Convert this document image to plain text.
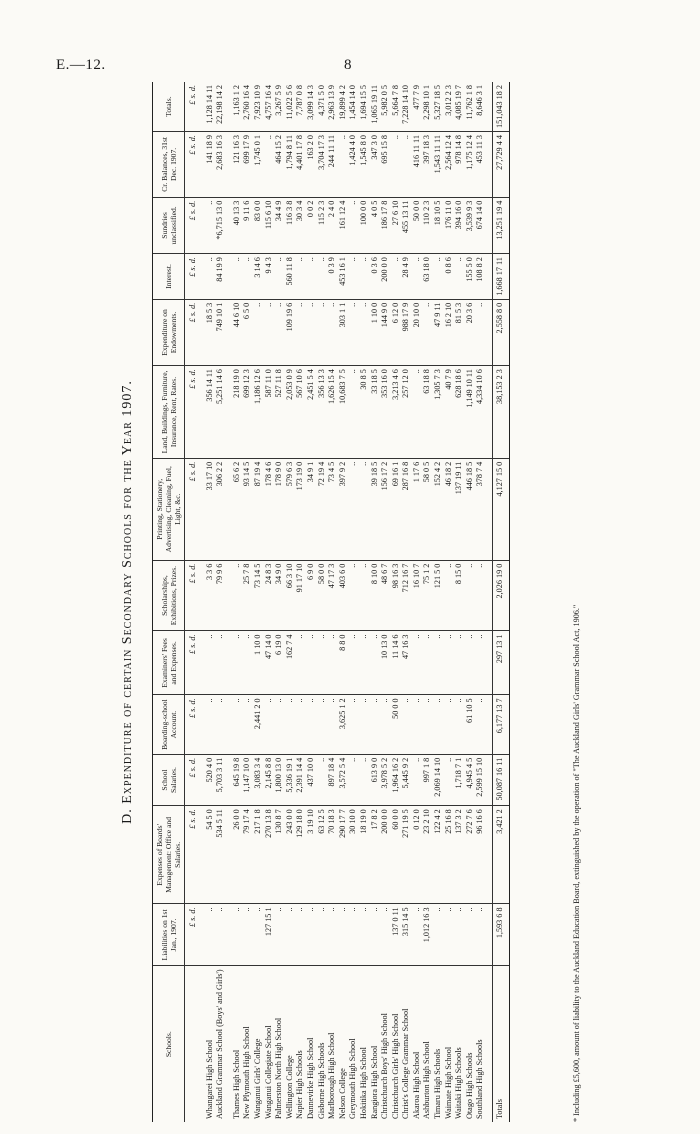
E.—12.	8
D. Expenditure of certain Secondary Schools for the Year 1907.
Schools.	Liabilities on 1st Jan., 1907.	Expenses of Boards' Management: Office and Salaries.	School Salaries.	Boarding-school Account.	Examiners' Fees and Expenses.	Scholarships, Exhibitions, Prizes.	Printing, Stationery, Advertising, Cleaning, Fuel, Light, &c.	Land, Buildings, Furniture, Insurance, Rent, Rates.	Expenditure on Endowments.	Interest.	Sundries unclassified.	Cr. Balances, 31st Dec. 1907.	Totals.
	£ s. d.	£ s. d.	£ s. d.	£ s. d.	£ s. d.	£ s. d.	£ s. d.	£ s. d.	£ s. d.	£ s. d.	£ s. d.	£ s. d.	£ s. d.

Whangarei High School	..	54 5 0	520 4 0	..	..	3 3 6	33 17 10	356 14 11	18 5 3	..	..	141 18 9	1,128 14 11
Auckland Grammar School (Boys' and Girls')	..	534 5 11	5,703 3 11	..	..	79 9 6	306 2 2	5,251 14 6	749 10 1	84 19 9	*6,715 13 0	2,683 16 3	22,198 14 2

Thames High School	..	26 0 0	645 19 8	..	..	..	65 6 2	218 19 0	44 6 10	..	40 13 3	121 16 3	1,163 1 2
New Plymouth High School	..	79 17 4	1,147 10 0	..	..	25 7 8	93 14 5	699 12 3	6 5 0	..	9 11 6	699 17 9	2,760 16 4
Wanganui Girls' College	..	217 1 8	3,083 3 4	2,441 2 0	1 10 0	73 14 5	87 19 4	1,186 12 6	..	3 14 6	83 0 0	1,745 0 1	7,923 10 9
Wanganui Collegiate School	127 15 1	270 13 8	2,145 8 8	..	47 14 0	24 8 3	178 4 6	587 11 0	..	9 4 3	115 6 10	..	4,757 16 4
Palmerston North High School	..	130 8 7	1,800 13 0	..	6 19 0	34 9 0	178 9 0	527 11 8	..	..	34 4 9	464 15 2	3,267 5 9
Wellington College	..	243 0 0	5,336 19 1	..	162 7 4	66 3 10	579 6 3	2,053 0 9	109 19 6	560 11 8	116 3 8	1,794 8 11	11,022 5 6
Napier High Schools	..	129 18 0	2,391 14 4	..	..	91 17 10	173 19 0	567 10 6	..	..	30 3 4	4,401 17 8	7,787 0 8
Dannevirke High School	..	3 19 10	437 10 0	..	..	6 9 0	34 9 1	2,451 5 4	..	..	0 0 2	163 2 0	3,099 14 3
Gisborne High Schools	..	63 12 5	..	..	..	58 0 0	72 19 4	356 13 3	..	..	115 2 3	3,704 17 3	4,371 5 0
Marlborough High School	..	70 18 3	897 18 4	..	..	47 17 3	73 4 5	1,626 15 4	..	0 3 9	2 4 0	244 11 11	2,963 13 9
Nelson College	..	290 17 7	3,572 5 4	3,625 1 2	8 8 0	403 6 0	397 9 2	10,683 7 5	303 1 1	453 16 1	161 12 4	..	19,899 4 2
Greymouth High School	..	30 10 0	..	..	..	..	..	..	..	..	..	1,424 4 0	1,454 14 0
Hokitika High School	..	18 19 0	..	..	..	..	..	30 8 5	..	..	100 0 0	1,545 8 0	1,694 15 5
Rangiora High School	..	17 8 2	613 9 0	..	..	8 10 0	39 18 5	33 18 5	1 10 0	0 3 6	4 0 5	347 3 0	1,065 19 11
Christchurch Boys' High School	..	200 0 0	3,978 5 2	..	10 13 0	48 6 7	156 17 2	353 16 0	144 9 0	200 0 0	186 17 8	695 15 8	5,982 0 5
Christchurch Girls' High School	137 0 11	60 0 0	1,964 16 2	50 0 0	11 14 6	98 16 3	69 16 1	3,213 4 6	6 12 0	..	27 6 10	..	5,664 7 8
Christ's College Grammar School	315 14 5	271 19 5	5,445 9 2	..	47 16 3	712 16 7	287 16 8	257 12 0	988 17 9	28 4 9	455 13 11	..	7,228 14 10
Akaroa High School	..	0 12 0	..	..	..	16 10 7	1 17 6	..	20 10 0	..	50 0 0	416 11 11	477 7 9
Ashburton High School	1,012 16 3	23 2 10	997 1 8	..	..	75 1 2	58 0 5	63 18 8	..	63 18 0	110 2 3	397 18 3	2,298 10 1
Timaru High Schools	..	122 4 2	2,069 14 10	..	..	121 5 0	152 4 2	1,305 7 3	47 9 11	..	18 10 5	1,543 11 11	5,327 18 5
Waimate High School	..	25 16 8	..	..	..	..	46 18 2	40 7 9	16 2 10	0 8 6	176 11 0	2,564 12 4	3,012 2 3
Waitaki High Schools	..	137 3 2	1,718 7 1	..	..	8 15 0	137 19 11	628 18 6	81 5 3	..	394 16 0	978 14 8	4,085 19 7
Otago High Schools	..	272 7 6	4,945 4 5	61 10 5	..	..	446 18 5	1,149 10 11	20 3 6	155 5 0	3,539 9 3	1,175 12 4	11,762 1 8
Southland High Schools	..	96 16 6	2,599 15 10	..	..	..	378 7 4	4,334 10 6	..	108 8 2	674 14 0	453 11 3	8,646 3 1

Totals	1,593 6 8	3,421 2	50,087 16 11	6,177 13 7	297 13 1	2,026 19 0	4,127 15 0	38,153 2 3	2,558 8 0	1,668 17 11	13,251 19 4	27,729 4 4	151,043 18 2
* Including £5,600, amount of liability to the Auckland Education Board, extinguished by the operation of "The Auckland Girls' Grammar School Act, 1906."
